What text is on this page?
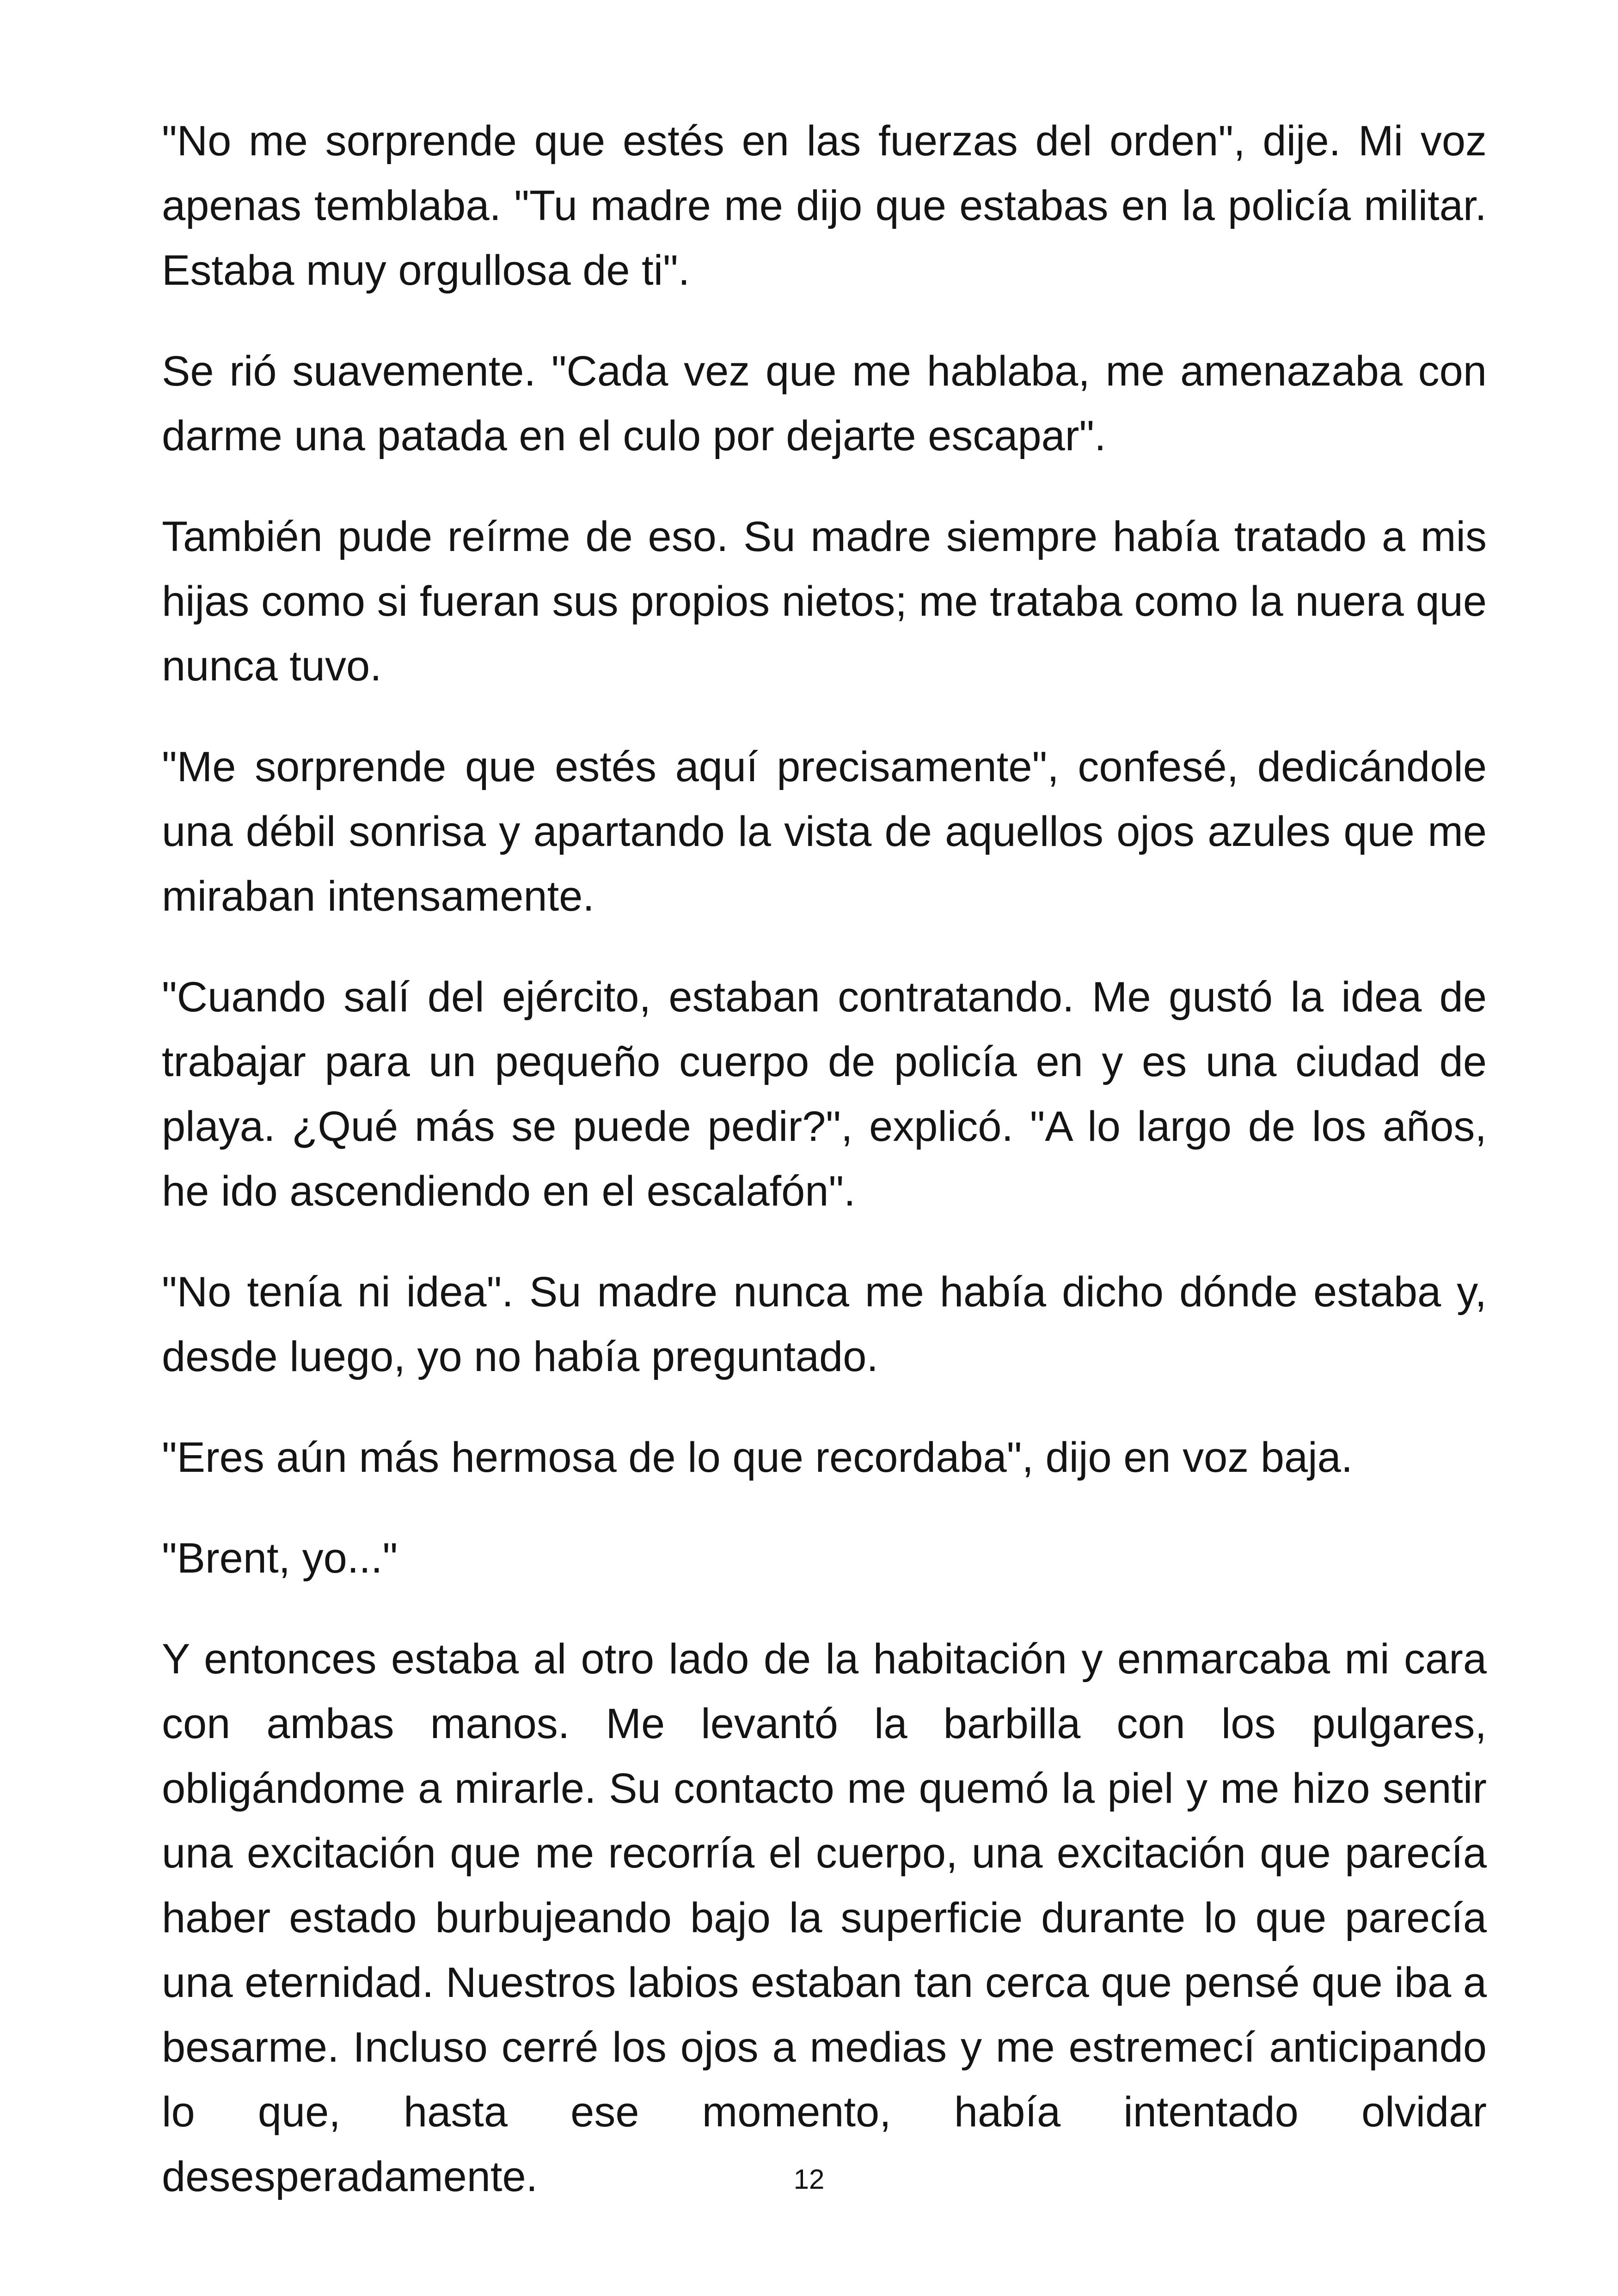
"No me sorprende que estés en las fuerzas del orden", dije. Mi voz apenas temblaba. "Tu madre me dijo que estabas en la policía militar. Estaba muy orgullosa de ti".

Se rió suavemente. "Cada vez que me hablaba, me amenazaba con darme una patada en el culo por dejarte escapar".

También pude reírme de eso. Su madre siempre había tratado a mis hijas como si fueran sus propios nietos; me trataba como la nuera que nunca tuvo.

"Me sorprende que estés aquí precisamente", confesé, dedicándole una débil sonrisa y apartando la vista de aquellos ojos azules que me miraban intensamente.

"Cuando salí del ejército, estaban contratando. Me gustó la idea de trabajar para un pequeño cuerpo de policía en y es una ciudad de playa. ¿Qué más se puede pedir?", explicó. "A lo largo de los años, he ido ascendiendo en el escalafón".

"No tenía ni idea". Su madre nunca me había dicho dónde estaba y, desde luego, yo no había preguntado.

"Eres aún más hermosa de lo que recordaba", dijo en voz baja.

"Brent, yo..."

Y entonces estaba al otro lado de la habitación y enmarcaba mi cara con ambas manos. Me levantó la barbilla con los pulgares, obligándome a mirarle. Su contacto me quemó la piel y me hizo sentir una excitación que me recorría el cuerpo, una excitación que parecía haber estado burbujeando bajo la superficie durante lo que parecía una eternidad. Nuestros labios estaban tan cerca que pensé que iba a besarme. Incluso cerré los ojos a medias y me estremecí anticipando lo que, hasta ese momento, había intentado olvidar desesperadamente.	12
